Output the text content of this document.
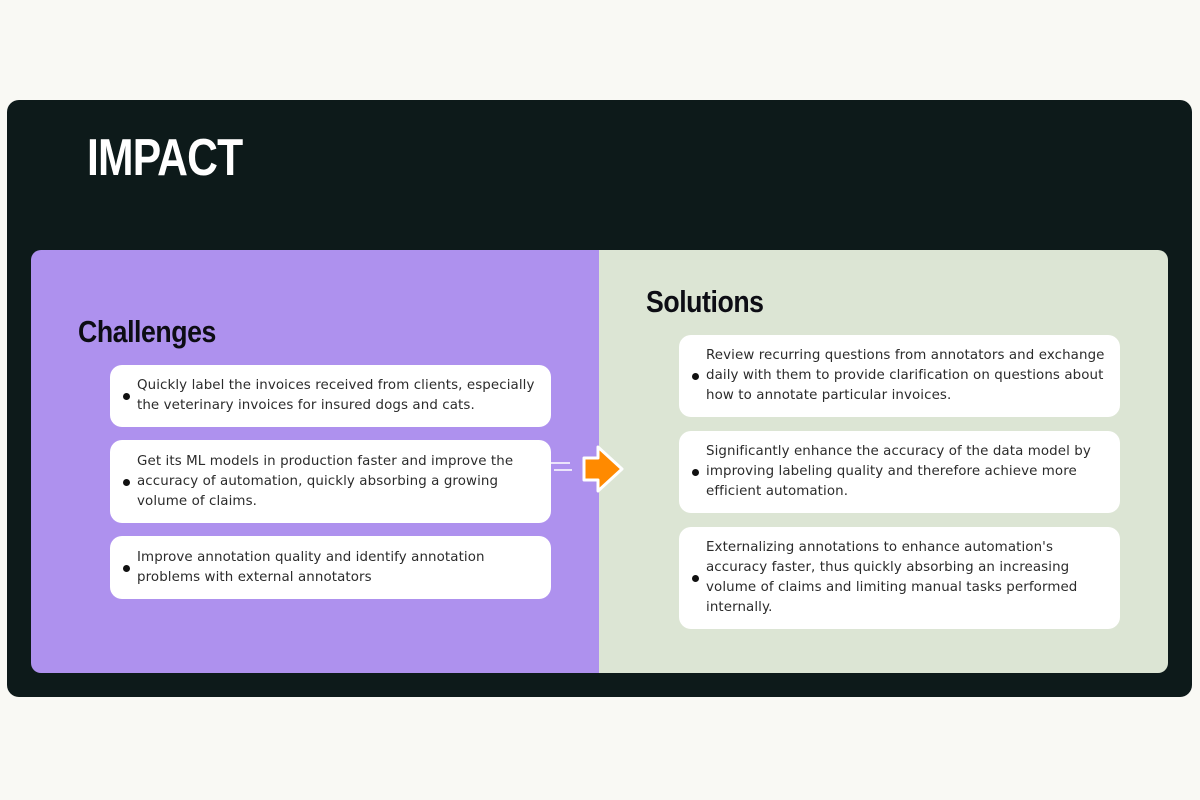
IMPACT
Challenges
Quickly label the invoices received from clients, especially the veterinary invoices for insured dogs and cats.
Get its ML models in production faster and improve the accuracy of automation, quickly absorbing a growing volume of claims.
Improve annotation quality and identify annotation problems with external annotators
Solutions
Review recurring questions from annotators and exchange daily with them to provide clarification on questions about how to annotate particular invoices.
Significantly enhance the accuracy of the data model by improving labeling quality and therefore achieve more efficient automation.
Externalizing annotations to enhance automation's accuracy faster, thus quickly absorbing an increasing volume of claims and limiting manual tasks performed internally.
